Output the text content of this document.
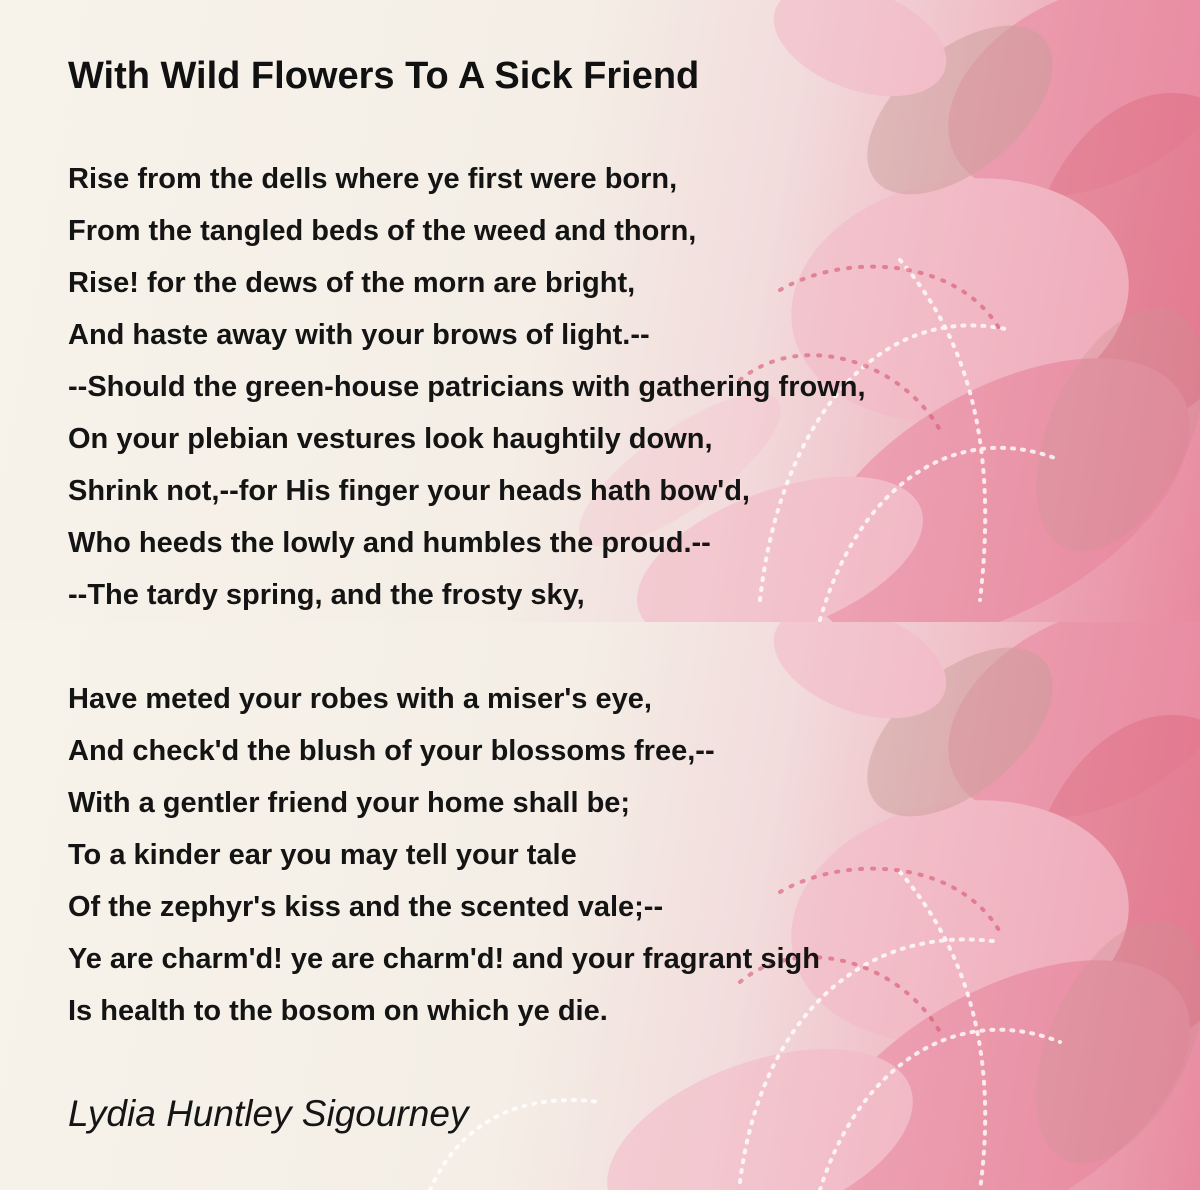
With Wild Flowers To A Sick Friend
Rise from the dells where ye first were born,
From the tangled beds of the weed and thorn,
Rise! for the dews of the morn are bright,
And haste away with your brows of light.--
--Should the green-house patricians with gathering frown,
On your plebian vestures look haughtily down,
Shrink not,--for His finger your heads hath bow'd,
Who heeds the lowly and humbles the proud.--
--The tardy spring, and the frosty sky,
Have meted your robes with a miser's eye,
And check'd the blush of your blossoms free,--
With a gentler friend your home shall be;
To a kinder ear you may tell your tale
Of the zephyr's kiss and the scented vale;--
Ye are charm'd! ye are charm'd! and your fragrant sigh
Is health to the bosom on which ye die.

Lydia Huntley Sigourney
